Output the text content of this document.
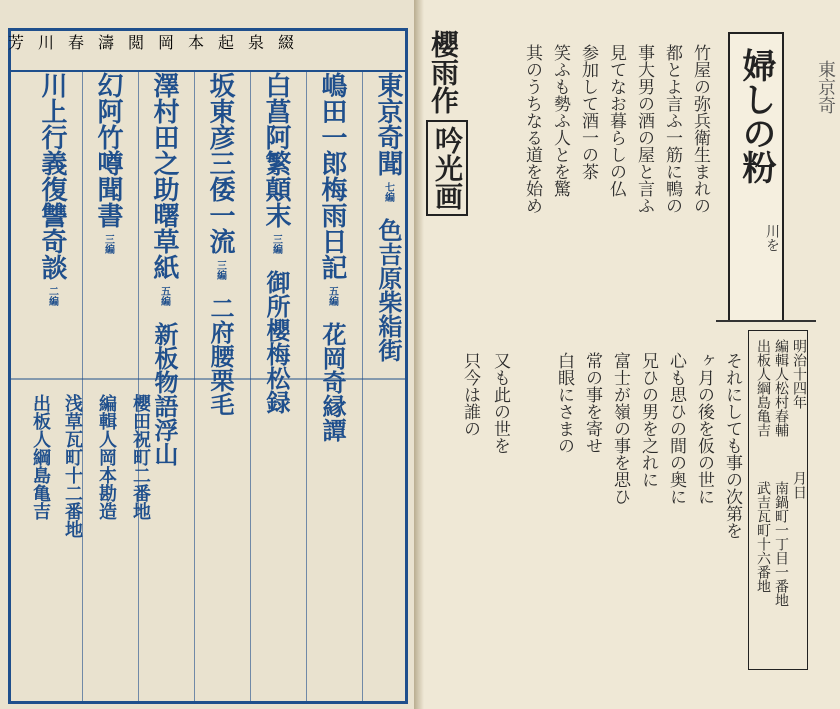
芳川春濤閲岡本起泉綴
東京奇聞
七編
色吉原柴𥿻街
嶋田一郎梅雨日記
五編
花岡奇縁譚
白菖阿繁顛末
三編
御所櫻梅松録
坂東彦三倭一流
三編
二府腰栗毛
澤村田之助曙草紙
五編
新板物語浮山
幻阿竹噂聞書
三編
川上行義復讐奇談
二編
櫻田祝町二番地
編輯人岡本勘造
浅草瓦町十二番地
出板人綱島亀吉
婦しの粉
川を
東京奇
櫻雨作
吟光画	竹屋の弥兵衛生まれの
都とよ言ふ一筋に鴨の
事大男の酒の屋と言ふ
見てなお暮らしの仏
参加して酒一の茶
笑ふも勢ふ人とを驚
其のうちなる道を始め
それにしても事の次第を
ヶ月の後を仮の世に
心も思ひの間の奥に
兄ひの男を之れに
富士が嶺の事を思ひ
常の事を寄せ
白眼にさまの
又も此の世を
只今は誰の	明治十四年
月日
編輯人松村春輔
出板人綱島亀吉
南鍋町一丁目一番地
武吉瓦町十六番地
